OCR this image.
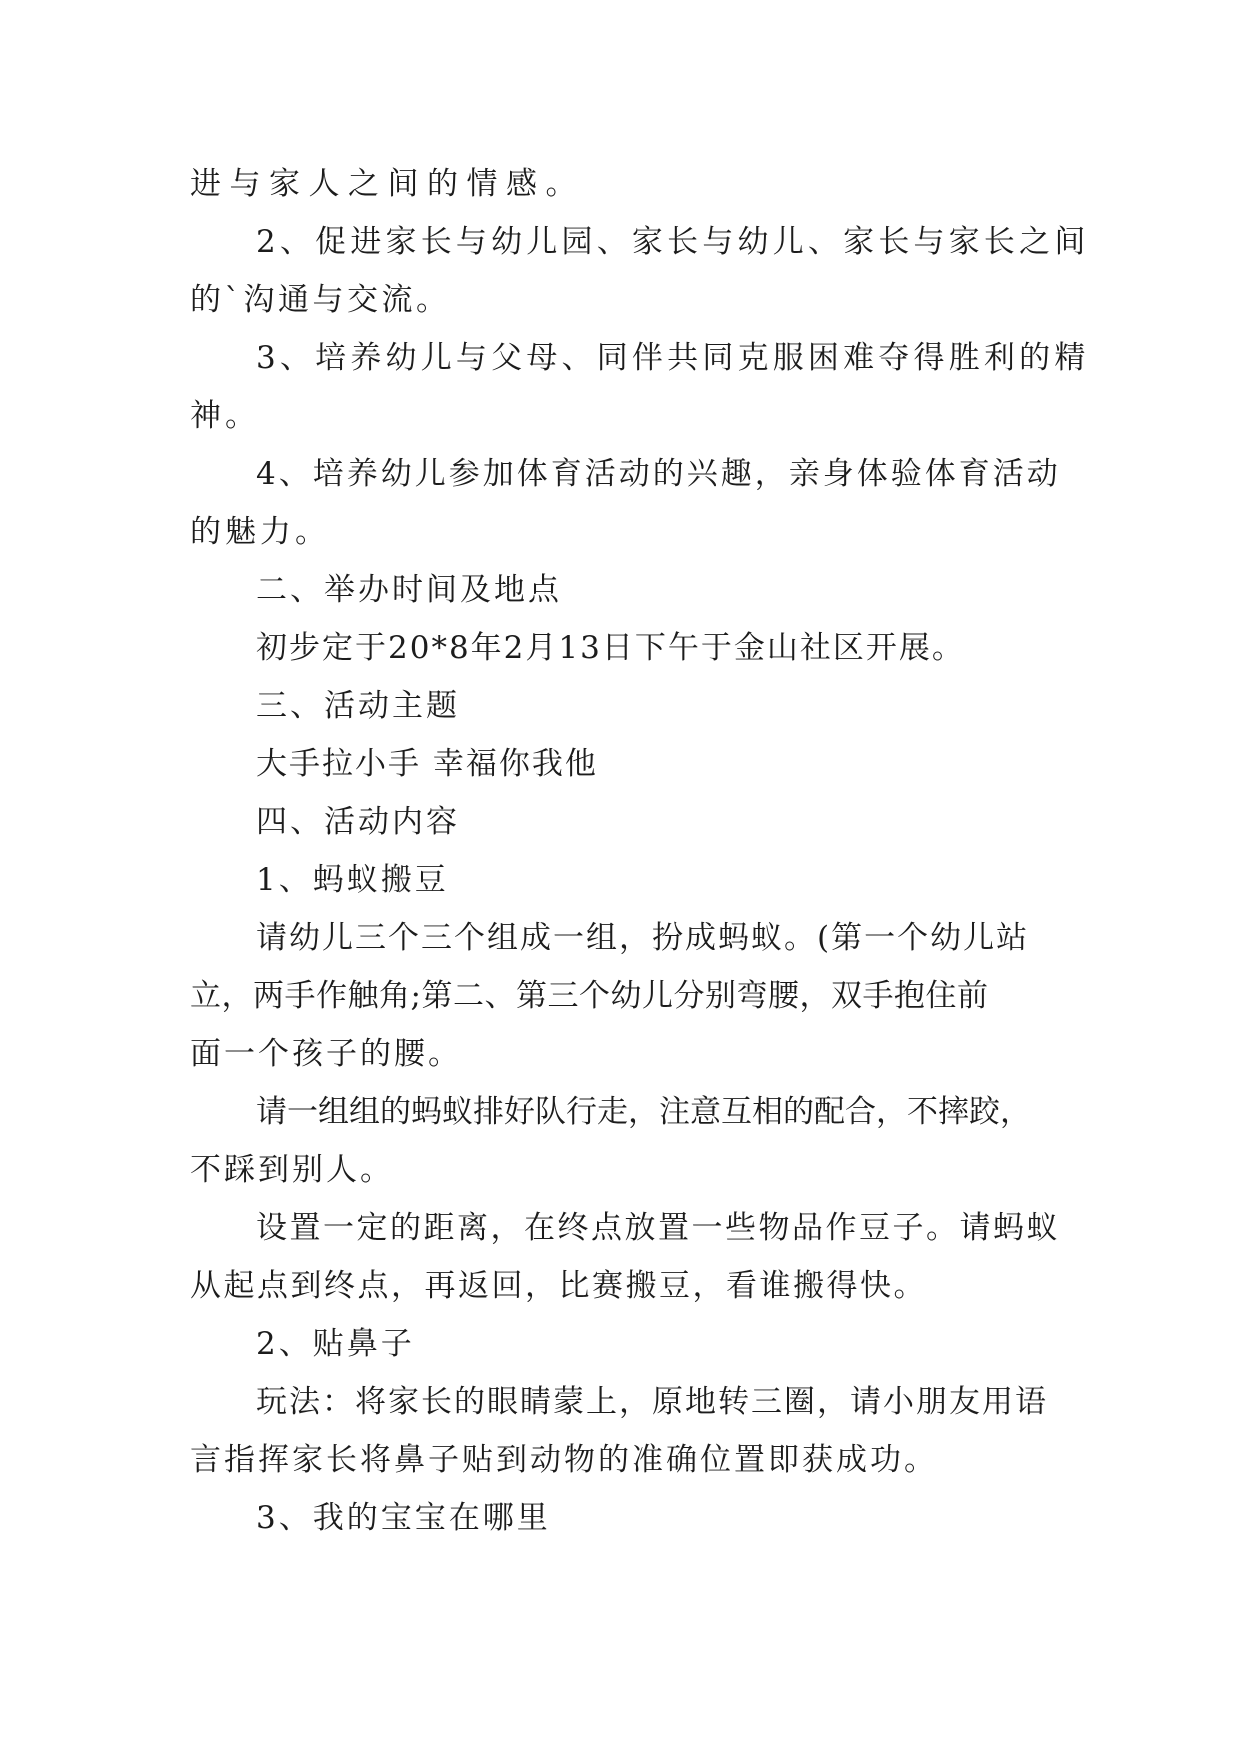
进与家人之间的情感。
2、促进家长与幼儿园、家长与幼儿、家长与家长之间
的`沟通与交流。
3、培养幼儿与父母、同伴共同克服困难夺得胜利的精
神。
4、培养幼儿参加体育活动的兴趣，亲身体验体育活动
的魅力。
二、举办时间及地点
初步定于20*8年2月13日下午于金山社区开展。
三、活动主题
大手拉小手 幸福你我他
四、活动内容
1、蚂蚁搬豆
请幼儿三个三个组成一组，扮成蚂蚁。(第一个幼儿站
立，两手作触角;第二、第三个幼儿分别弯腰，双手抱住前
面一个孩子的腰。
请一组组的蚂蚁排好队行走，注意互相的配合，不摔跤，
不踩到别人。
设置一定的距离，在终点放置一些物品作豆子。请蚂蚁
从起点到终点，再返回，比赛搬豆，看谁搬得快。
2、贴鼻子
玩法：将家长的眼睛蒙上，原地转三圈，请小朋友用语
言指挥家长将鼻子贴到动物的准确位置即获成功。
3、我的宝宝在哪里
